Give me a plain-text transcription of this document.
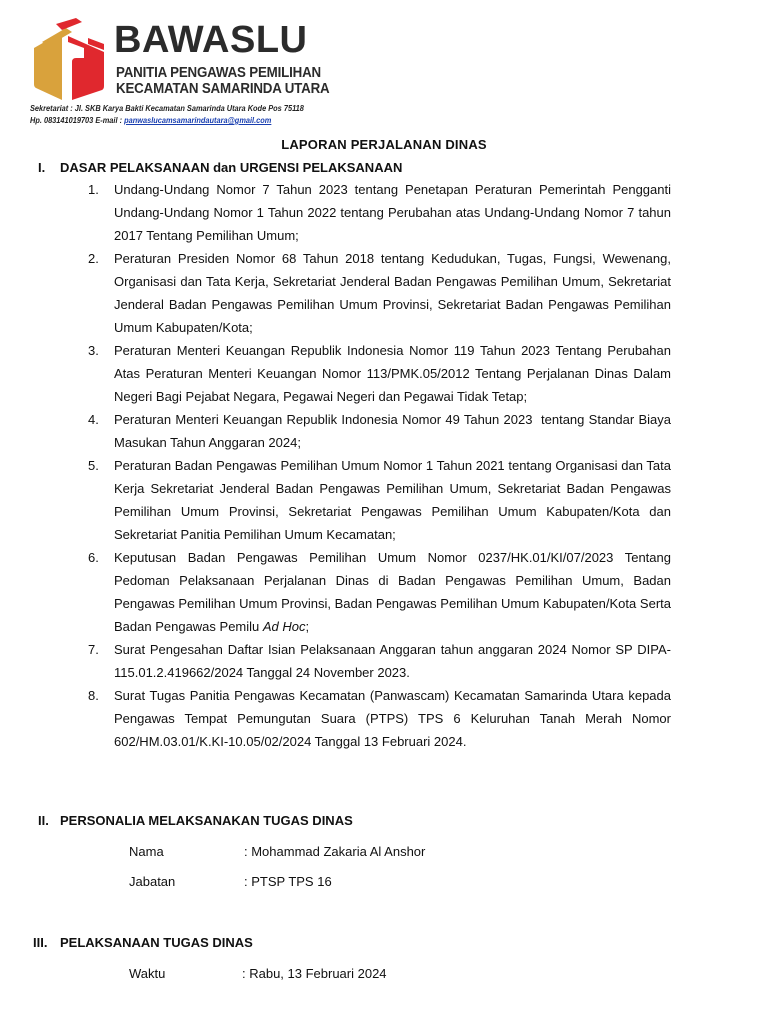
BAWASLU
PANITIA PENGAWAS PEMILIHAN
KECAMATAN SAMARINDA UTARA
Sekretariat : Jl. SKB Karya Bakti Kecamatan Samarinda Utara Kode Pos 75118
Hp. 083141019703 E-mail : panwaslucamsamarindautara@gmail.com
LAPORAN PERJALANAN DINAS
I. DASAR PELAKSANAAN dan URGENSI PELAKSANAAN
1. Undang-Undang Nomor 7 Tahun 2023 tentang Penetapan Peraturan Pemerintah Pengganti Undang-Undang Nomor 1 Tahun 2022 tentang Perubahan atas Undang-Undang Nomor 7 tahun 2017 Tentang Pemilihan Umum;
2. Peraturan Presiden Nomor 68 Tahun 2018 tentang Kedudukan, Tugas, Fungsi, Wewenang, Organisasi dan Tata Kerja, Sekretariat Jenderal Badan Pengawas Pemilihan Umum, Sekretariat Jenderal Badan Pengawas Pemilihan Umum Provinsi, Sekretariat Badan Pengawas Pemilihan Umum Kabupaten/Kota;
3. Peraturan Menteri Keuangan Republik Indonesia Nomor 119 Tahun 2023 Tentang Perubahan Atas Peraturan Menteri Keuangan Nomor 113/PMK.05/2012 Tentang Perjalanan Dinas Dalam Negeri Bagi Pejabat Negara, Pegawai Negeri dan Pegawai Tidak Tetap;
4. Peraturan Menteri Keuangan Republik Indonesia Nomor 49 Tahun 2023  tentang Standar Biaya Masukan Tahun Anggaran 2024;
5. Peraturan Badan Pengawas Pemilihan Umum Nomor 1 Tahun 2021 tentang Organisasi dan Tata Kerja Sekretariat Jenderal Badan Pengawas Pemilihan Umum, Sekretariat Badan Pengawas Pemilihan Umum Provinsi, Sekretariat Pengawas Pemilihan Umum Kabupaten/Kota dan Sekretariat Panitia Pemilihan Umum Kecamatan;
6. Keputusan Badan Pengawas Pemilihan Umum Nomor 0237/HK.01/KI/07/2023 Tentang Pedoman Pelaksanaan Perjalanan Dinas di Badan Pengawas Pemilihan Umum, Badan Pengawas Pemilihan Umum Provinsi, Badan Pengawas Pemilihan Umum Kabupaten/Kota Serta Badan Pengawas Pemilu Ad Hoc;
7. Surat Pengesahan Daftar Isian Pelaksanaan Anggaran tahun anggaran 2024 Nomor SP DIPA-115.01.2.419662/2024 Tanggal 24 November 2023.
8. Surat Tugas Panitia Pengawas Kecamatan (Panwascam) Kecamatan Samarinda Utara kepada Pengawas Tempat Pemungutan Suara (PTPS) TPS 6 Keluruhan Tanah Merah Nomor 602/HM.03.01/K.KI-10.05/02/2024 Tanggal 13 Februari 2024.
II. PERSONALIA MELAKSANAKAN TUGAS DINAS
Nama	: Mohammad Zakaria Al Anshor
Jabatan	: PTSP TPS 16
III. PELAKSANAAN TUGAS DINAS
Waktu	: Rabu, 13 Februari 2024
